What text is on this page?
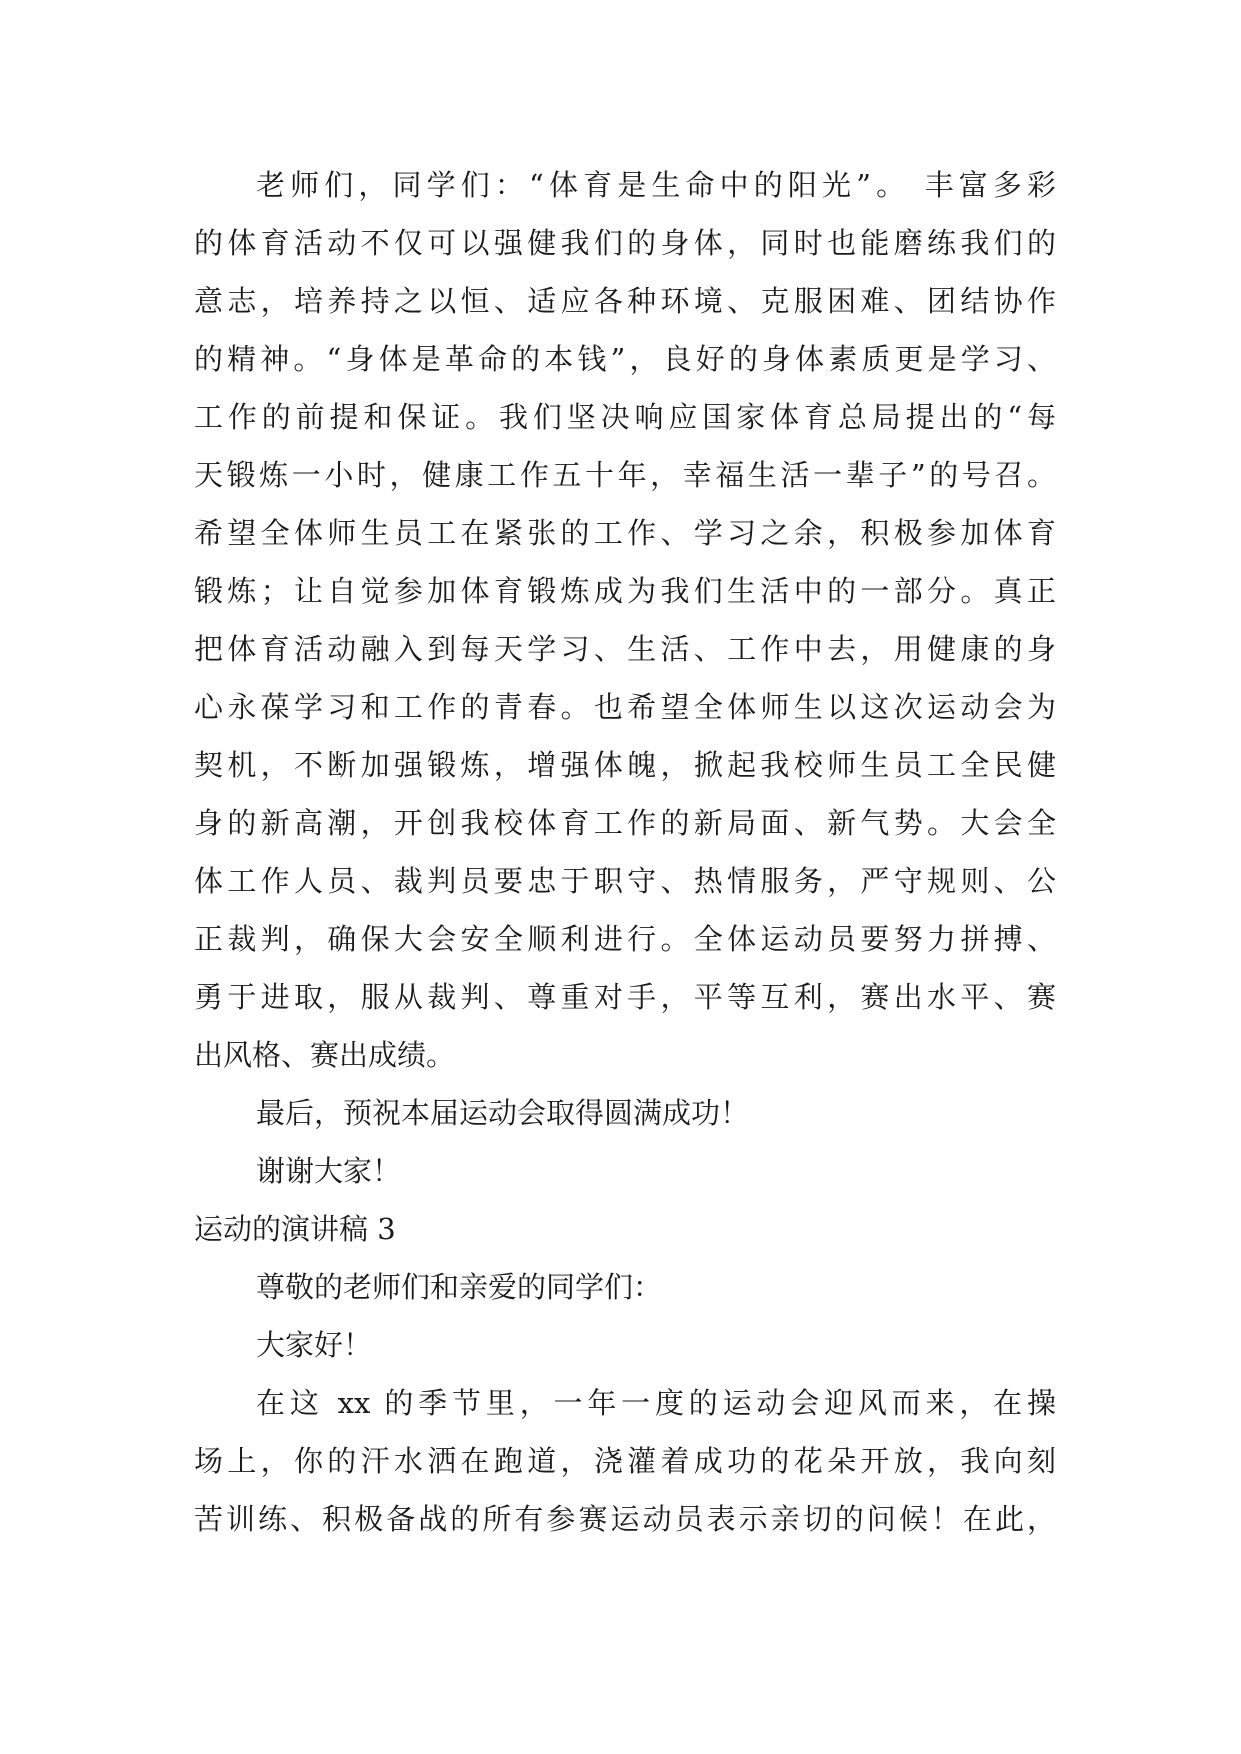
老师们，同学们：“体育是生命中的阳光”。 丰富多彩
的体育活动不仅可以强健我们的身体，同时也能磨练我们的
意志，培养持之以恒、适应各种环境、克服困难、团结协作
的精神。“身体是革命的本钱”，良好的身体素质更是学习、
工作的前提和保证。我们坚决响应国家体育总局提出的“每
天锻炼一小时，健康工作五十年，幸福生活一辈子”的号召。
希望全体师生员工在紧张的工作、学习之余，积极参加体育
锻炼；让自觉参加体育锻炼成为我们生活中的一部分。真正
把体育活动融入到每天学习、生活、工作中去，用健康的身
心永葆学习和工作的青春。也希望全体师生以这次运动会为
契机，不断加强锻炼，增强体魄，掀起我校师生员工全民健
身的新高潮，开创我校体育工作的新局面、新气势。大会全
体工作人员、裁判员要忠于职守、热情服务，严守规则、公
正裁判，确保大会安全顺利进行。全体运动员要努力拼搏、
勇于进取，服从裁判、尊重对手，平等互利，赛出水平、赛
出风格、赛出成绩。
最后，预祝本届运动会取得圆满成功！
谢谢大家！
运动的演讲稿 3
尊敬的老师们和亲爱的同学们：
大家好！
在这 xx 的季节里，一年一度的运动会迎风而来，在操
场上，你的汗水洒在跑道，浇灌着成功的花朵开放，我向刻
苦训练、积极备战的所有参赛运动员表示亲切的问候！在此，
